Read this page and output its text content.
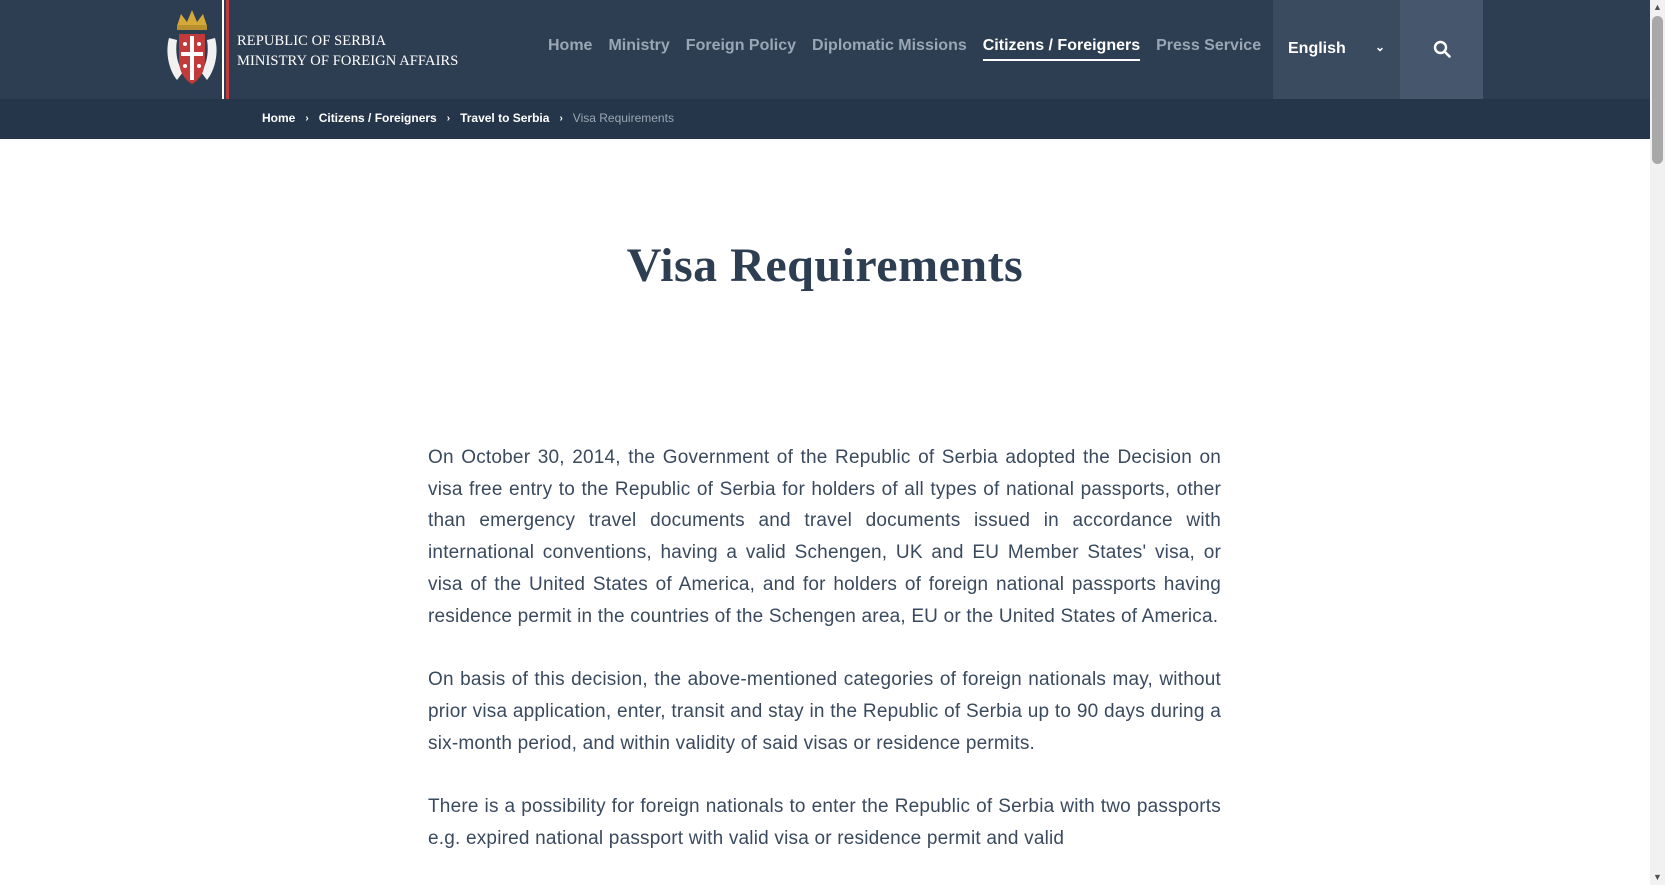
REPUBLIC OF SERBIA
MINISTRY OF FOREIGN AFFAIRS
Home Ministry Foreign Policy Diplomatic Missions Citizens / Foreigners Press Service English ⌄
Home › Citizens / Foreigners › Travel to Serbia › Visa Requirements
Visa Requirements

On October 30, 2014, the Government of the Republic of Serbia adopted the Decision on visa free entry to the Republic of Serbia for holders of all types of national passports, other than emergency travel documents and travel documents issued in accordance with international conventions, having a valid Schengen, UK and EU Member States' visa, or visa of the United States of America, and for holders of foreign national passports having residence permit in the countries of the Schengen area, EU or the United States of America.

On basis of this decision, the above-mentioned categories of foreign nationals may, without prior visa application, enter, transit and stay in the Republic of Serbia up to 90 days during a six-month period, and within validity of said visas or residence permits.

There is a possibility for foreign nationals to enter the Republic of Serbia with two passports e.g. expired national passport with valid visa or residence permit and valid

▲
▼
